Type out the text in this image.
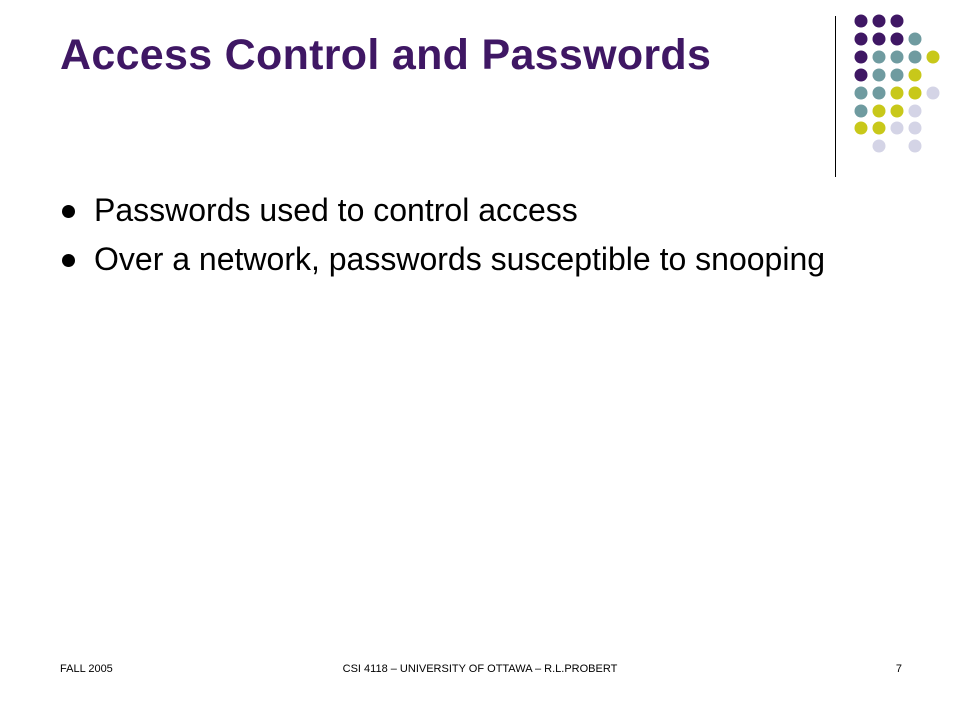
Access Control and Passwords
Passwords used to control access
Over a network, passwords susceptible to snooping
FALL 2005	CSI 4118 – UNIVERSITY OF OTTAWA – R.L.PROBERT	7
